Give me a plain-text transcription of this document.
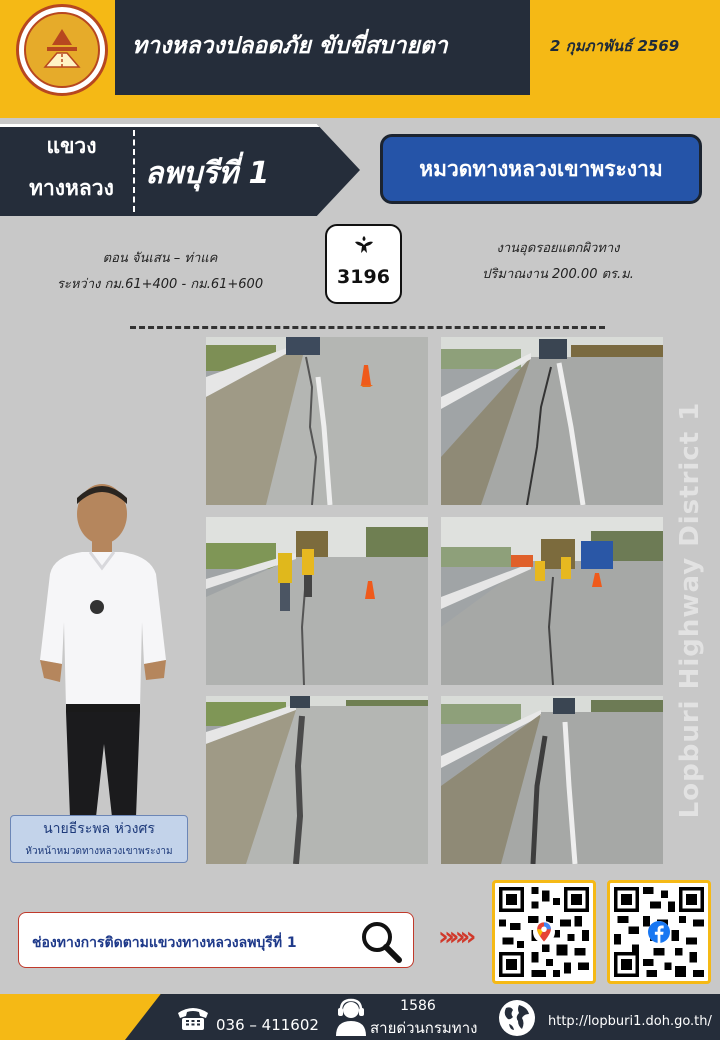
ทางหลวงปลอดภัย ขับขี่สบายตา	2 กุมภาพันธ์ 2569
แขวง
ทางหลวง	ลพบุรีที่ 1	หมวดทางหลวงเขาพระงาม
ตอน จันเสน – ท่าแค
ระหว่าง กม.61+400 - กม.61+600	3196
งานอุดรอยแตกผิวทาง
ปริมาณงาน 200.00 ตร.ม.
Lopburi Highway District 1
นายธีระพล ห่วงศร
หัวหน้าหมวดทางหลวงเขาพระงาม
ช่องทางการติดตามแขวงทางหลวงลพบุรีที่ 1	»»»
036 – 411602
1586
สายด่วนกรมทาง	http://lopburi1.doh.go.th/
